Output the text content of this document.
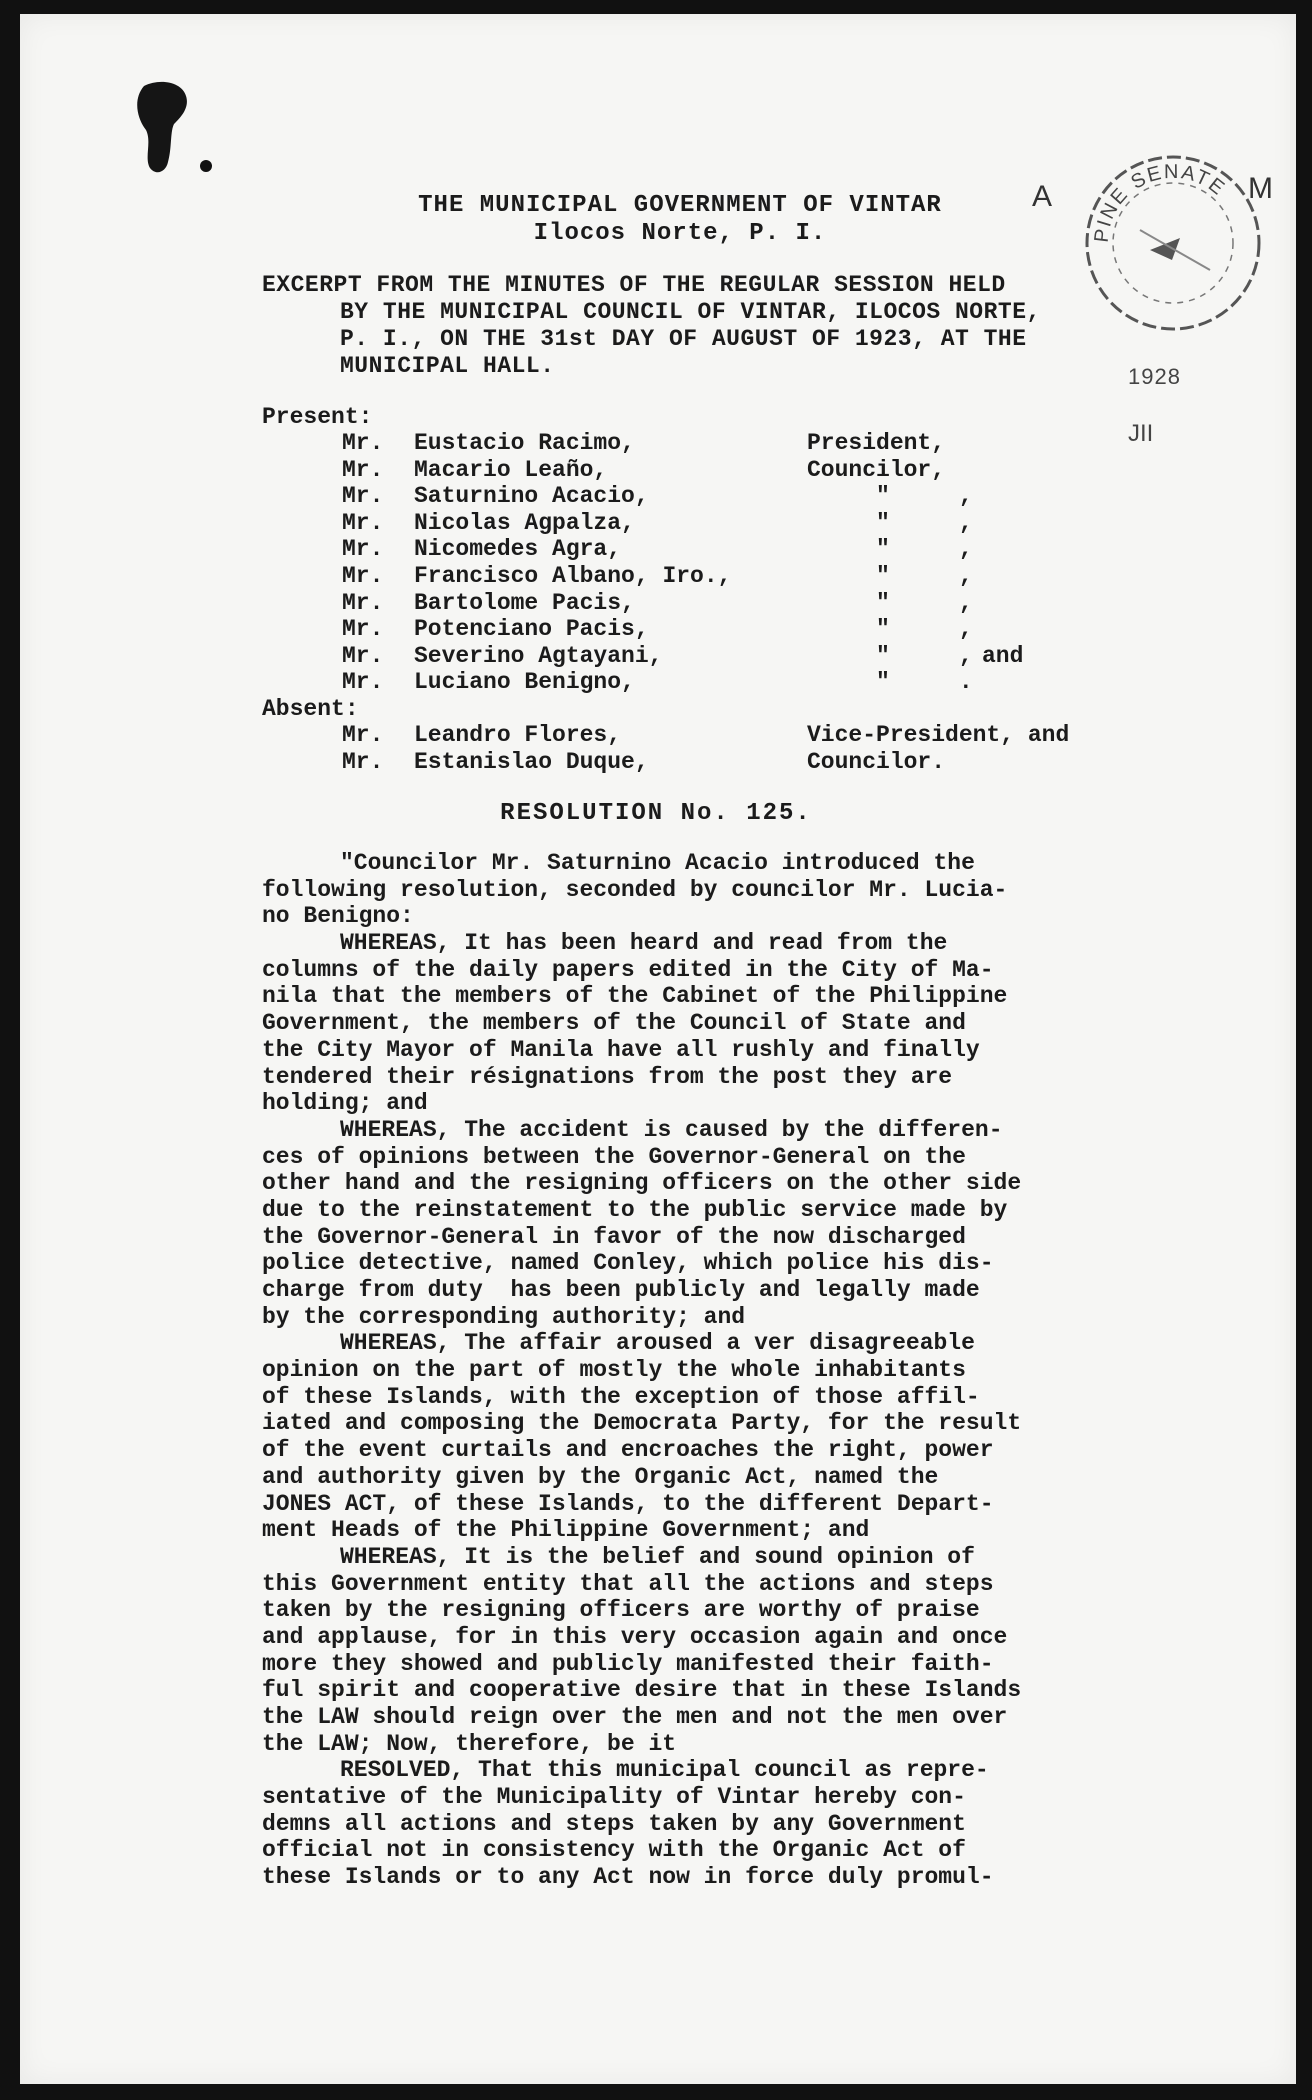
A	M
PINE SENATE
1928
JII
THE MUNICIPAL GOVERNMENT OF VINTAR
Ilocos Norte, P. I.
EXCERPT FROM THE MINUTES OF THE REGULAR SESSION HELD
BY THE MUNICIPAL COUNCIL OF VINTAR, ILOCOS NORTE,
P. I., ON THE 31st DAY OF AUGUST OF 1923, AT THE
MUNICIPAL HALL.
Present:
Mr. Eustacio Racimo,	President,
Mr. Macario Leaño,	Councilor,
Mr. Saturnino Acacio,	"     ,
Mr. Nicolas Agpalza,	"     ,
Mr. Nicomedes Agra,	"     ,
Mr. Francisco Albano, Iro.,	"     ,
Mr. Bartolome Pacis,	"     ,
Mr. Potenciano Pacis,	"     ,
Mr. Severino Agtayani,	"     , and
Mr. Luciano Benigno,	"     .
Absent:
Mr. Leandro Flores,	Vice-President, and
Mr. Estanislao Duque,	Councilor.
RESOLUTION No. 125.
"Councilor Mr. Saturnino Acacio introduced the
following resolution, seconded by councilor Mr. Lucia-
no Benigno:
WHEREAS, It has been heard and read from the
columns of the daily papers edited in the City of Ma-
nila that the members of the Cabinet of the Philippine
Government, the members of the Council of State and
the City Mayor of Manila have all rushly and finally
tendered their résignations from the post they are
holding; and
WHEREAS, The accident is caused by the differen-
ces of opinions between the Governor-General on the
other hand and the resigning officers on the other side
due to the reinstatement to the public service made by
the Governor-General in favor of the now discharged
police detective, named Conley, which police his dis-
charge from duty  has been publicly and legally made
by the corresponding authority; and
WHEREAS, The affair aroused a ver disagreeable
opinion on the part of mostly the whole inhabitants
of these Islands, with the exception of those affil-
iated and composing the Democrata Party, for the result
of the event curtails and encroaches the right, power
and authority given by the Organic Act, named the
JONES ACT, of these Islands, to the different Depart-
ment Heads of the Philippine Government; and
WHEREAS, It is the belief and sound opinion of
this Government entity that all the actions and steps
taken by the resigning officers are worthy of praise
and applause, for in this very occasion again and once
more they showed and publicly manifested their faith-
ful spirit and cooperative desire that in these Islands
the LAW should reign over the men and not the men over
the LAW; Now, therefore, be it
RESOLVED, That this municipal council as repre-
sentative of the Municipality of Vintar hereby con-
demns all actions and steps taken by any Government
official not in consistency with the Organic Act of
these Islands or to any Act now in force duly promul-
